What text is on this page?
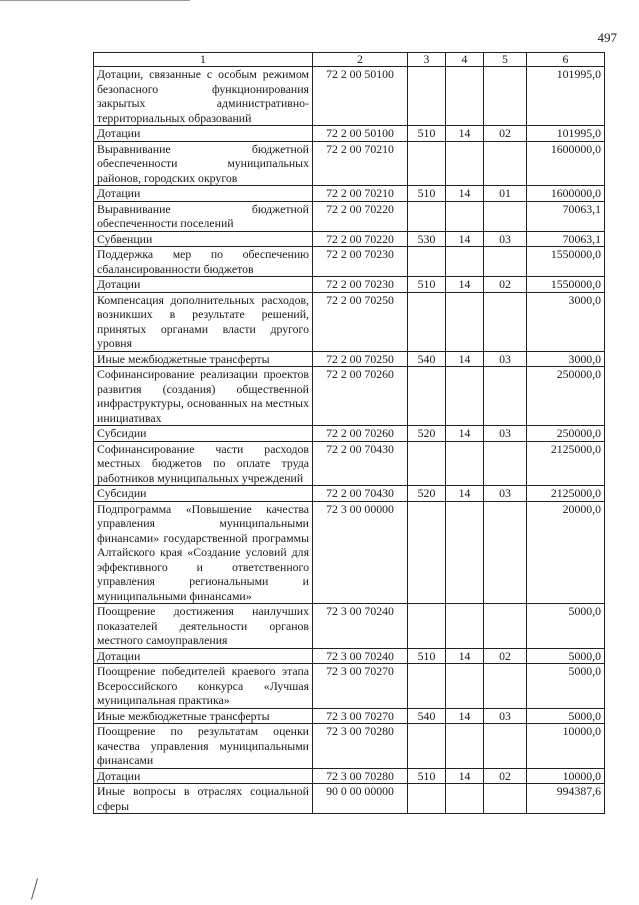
497
1	2	3	4	5	6
Дотации, связанные с особым режимом безопасного функционирования закрытых административно-территориальных образований	72 2 00 50100				101995,0
Дотации	72 2 00 50100	510	14	02	101995,0
Выравнивание бюджетной обеспеченности муниципальных районов, городских округов	72 2 00 70210				1600000,0
Дотации	72 2 00 70210	510	14	01	1600000,0
Выравнивание бюджетной обеспеченности поселений	72 2 00 70220				70063,1
Субвенции	72 2 00 70220	530	14	03	70063,1
Поддержка мер по обеспечению сбалансированности бюджетов	72 2 00 70230				1550000,0
Дотации	72 2 00 70230	510	14	02	1550000,0
Компенсация дополнительных расходов, возникших в результате решений, принятых органами власти другого уровня	72 2 00 70250				3000,0
Иные межбюджетные трансферты	72 2 00 70250	540	14	03	3000,0
Софинансирование реализации проектов развития (создания) общественной инфраструктуры, основанных на местных инициативах	72 2 00 70260				250000,0
Субсидии	72 2 00 70260	520	14	03	250000,0
Софинансирование части расходов местных бюджетов по оплате труда работников муниципальных учреждений	72 2 00 70430				2125000,0
Субсидии	72 2 00 70430	520	14	03	2125000,0
Подпрограмма «Повышение качества управления муниципальными финансами» государственной программы Алтайского края «Создание условий для эффективного и ответственного управления региональными и муниципальными финансами»	72 3 00 00000				20000,0
Поощрение достижения наилучших показателей деятельности органов местного самоуправления	72 3 00 70240				5000,0
Дотации	72 3 00 70240	510	14	02	5000,0
Поощрение победителей краевого этапа Всероссийского конкурса «Лучшая муниципальная практика»	72 3 00 70270				5000,0
Иные межбюджетные трансферты	72 3 00 70270	540	14	03	5000,0
Поощрение по результатам оценки качества управления муниципальными финансами	72 3 00 70280				10000,0
Дотации	72 3 00 70280	510	14	02	10000,0
Иные вопросы в отраслях социальной сферы	90 0 00 00000				994387,6
